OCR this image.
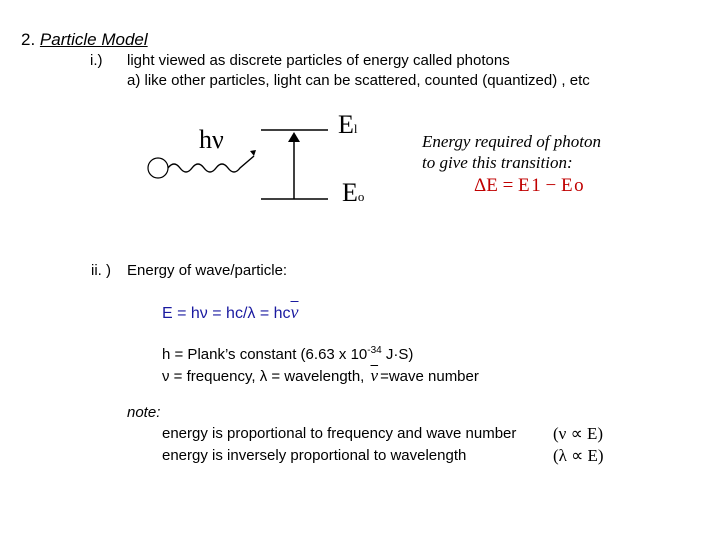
2. Particle Model
i.) light viewed as discrete particles of energy called photons
a) like other particles, light can be scattered, counted (quantized) , etc
hν
El
Eo
Energy required of photon
to give this transition:
ΔE = E 1 − E o
ii. ) Energy of wave/particle:
$E = h\nu = hc/\lambda = hc\overline{\nu}$
h = Plank’s constant (6.63 x $10^{-34}$ J·S)
ν = frequency, λ = wavelength, $\overline{\nu}$ =wave number
note:
energy is proportional to frequency and wave number (ν ∝ E)
energy is inversely proportional to wavelength	(λ ∝ E)
